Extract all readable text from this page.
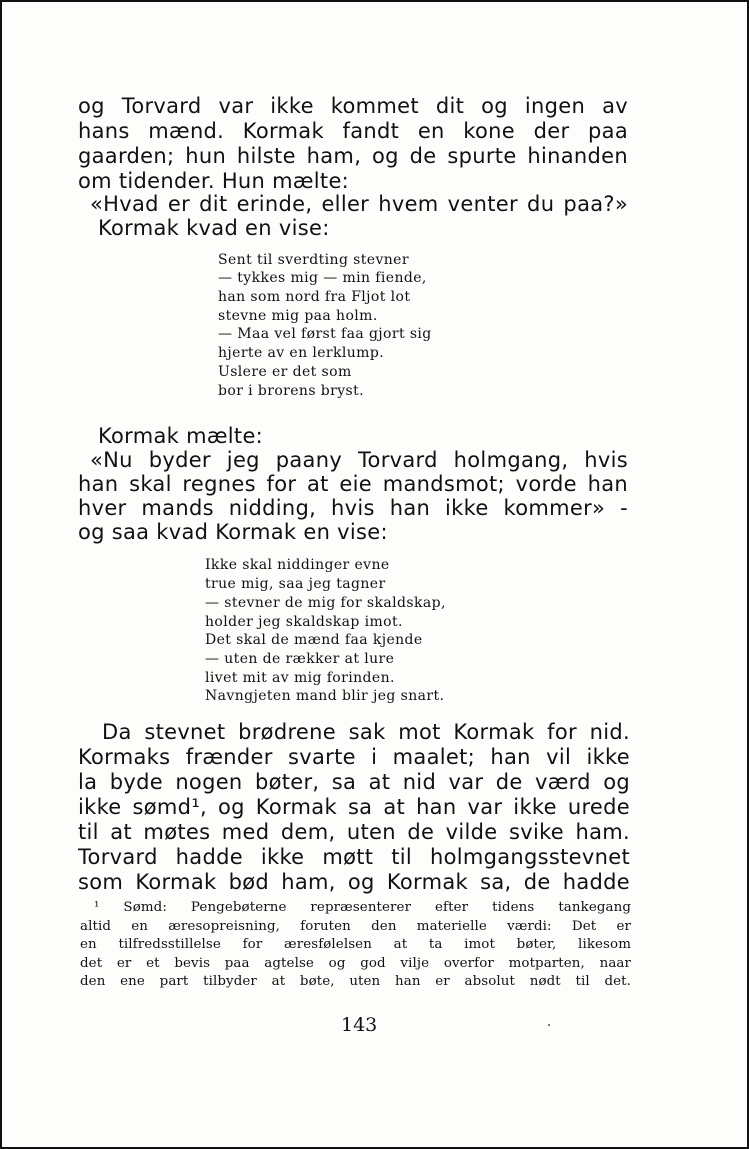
og Torvard var ikke kommet dit og ingen av

hans mænd. Kormak fandt en kone der paa

gaarden; hun hilste ham, og de spurte hinanden

om tidender. Hun mælte:

«Hvad er dit erinde, eller hvem venter du paa?»

Kormak kvad en vise:

Sent til sverdting stevner

— tykkes mig — min fiende,

han som nord fra Fljot lot

stevne mig paa holm.

— Maa vel først faa gjort sig

hjerte av en lerklump.

Uslere er det som

bor i brorens bryst.

Kormak mælte:

«Nu byder jeg paany Torvard holmgang, hvis

han skal regnes for at eie mandsmot; vorde han

hver mands nidding, hvis han ikke kommer» -

og saa kvad Kormak en vise:

Ikke skal niddinger evne

true mig, saa jeg tagner

— stevner de mig for skaldskap,

holder jeg skaldskap imot.

Det skal de mænd faa kjende

— uten de rækker at lure

livet mit av mig forinden.

Navngjeten mand blir jeg snart.

Da stevnet brødrene sak mot Kormak for nid.

Kormaks frænder svarte i maalet; han vil ikke

la byde nogen bøter, sa at nid var de værd og

ikke sømd¹, og Kormak sa at han var ikke urede

til at møtes med dem, uten de vilde svike ham.

Torvard hadde ikke møtt til holmgangsstevnet

som Kormak bød ham, og Kormak sa, de hadde

¹ Sømd: Pengebøterne repræsenterer efter tidens tankegang

altid en æresopreisning, foruten den materielle værdi: Det er

en tilfredsstillelse for æresfølelsen at ta imot bøter, likesom

det er et bevis paa agtelse og god vilje overfor motparten, naar

den ene part tilbyder at bøte, uten han er absolut nødt til det.

143
